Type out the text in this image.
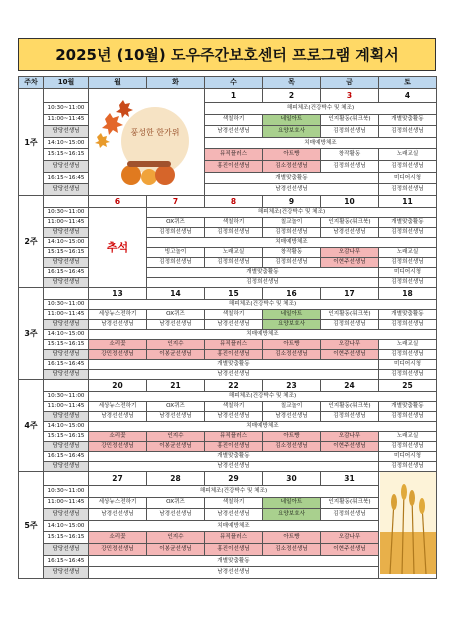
2025년 (10월) 도우주간보호센터 프로그램 계획서
주차	10월	월	화	수	목	금	토
1주		풍성한 한가위		1	2	3	4
	10:30~11:00			해피체조(건강박수 및 체조)			
	11:00~11:45			색칠하기	네일아트	인지활동(워크북)	개별맞춤활동
	담당선생님			남경선선생님	요양보호사	김정희선생님	김정희선생님
	14:10~15:00			치매예방체조			
	15:15~16:15			뮤직플러스	아트빵	창작활동	노래교실
	담당선생님			홍진이선생님	김소정선생님	김정희선생님	김정희선생님
	16:15~16:45			개별맞춤활동			미디어시청
	담당선생님			남경선선생님			김정희선생님
2주		6	7	8	9	10	11
	10:30~11:00	추석	해피체조(건강박수 및 체조)				
	11:00~11:45		OX퀴즈	색칠하기	칠교놀이	인지활동(워크북)	개별맞춤활동
	담당선생님		김정희선생님	김정희선생님	김정희선생님	남경선선생님	김정희선생님
	14:10~15:00		치매예방체조				
	15:15~16:15		빙고놀이	노래교실	창작활동	오감나무	노래교실
	담당선생님		김정희선생님	김정희선생님	김정희선생님	이현주선생님	김정희선생님
	16:15~16:45		개별맞춤활동				미디어시청
	담당선생님		김정희선생님				김정희선생님
3주		13	14	15	16	17	18
	10:30~11:00	해피체조(건강박수 및 체조)					
	11:00~11:45	세상뉴스전하기	OX퀴즈	색칠하기	네일아트	인지활동(워크북)	개별맞춤활동
	담당선생님	남경선선생님	남경선선생님	남경선선생님	요양보호사	김정희선생님	김정희선생님
	14:10~15:00	치매예방체조					
	15:15~16:15	소리꽃	인지수	뮤직플러스	아트빵	오감나무	노래교실
	담당선생님	강민정선생님	이봉균선생님	홍진이선생님	김소정선생님	이현주선생님	김정희선생님
	16:15~16:45	개별맞춤활동					미디어시청
	담당선생님	남경선선생님					김정희선생님
4주		20	21	22	23	24	25
	10:30~11:00	해피체조(건강박수 및 체조)					
	11:00~11:45	세상뉴스전하기	OX퀴즈	색칠하기	칠교놀이	인지활동(워크북)	개별맞춤활동
	담당선생님	남경선선생님	남경선선생님	남경선선생님	남경선선생님	김정희선생님	김정희선생님
	14:10~15:00	치매예방체조					
	15:15~16:15	소리꽃	인지수	뮤직플러스	아트빵	오감나무	노래교실
	담당선생님	강민정선생님	이봉균선생님	홍진이선생님	김소정선생님	이현주선생님	김정희선생님
	16:15~16:45	개별맞춤활동					미디어시청
	담당선생님	남경선선생님					김정희선생님
5주		27	28	29	30	31	
	10:30~11:00	해피체조(건강박수 및 체조)					
	11:00~11:45	세상뉴스전하기	OX퀴즈	색칠하기	네일아트	인지활동(워크북)	
	담당선생님	남경선선생님	남경선선생님	남경선선생님	요양보호사	김정희선생님	
	14:10~15:00	치매예방체조					
	15:15~16:15	소리꽃	인지수	뮤직플러스	아트빵	오감나무	
	담당선생님	강민정선생님	이봉균선생님	홍진이선생님	김소정선생님	이현주선생님	
	16:15~16:45	개별맞춤활동					
	담당선생님	남경선선생님					
